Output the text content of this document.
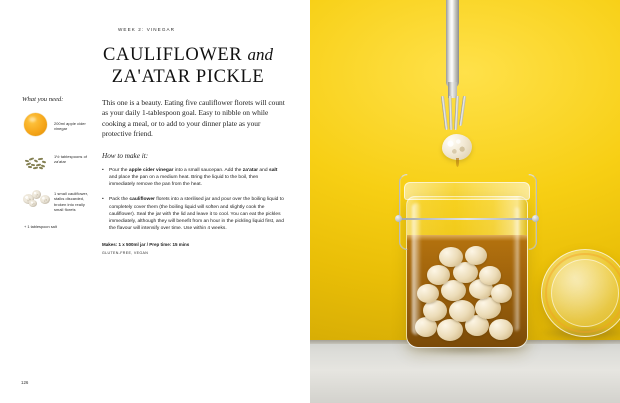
WEEK 2: VINEGAR
CAULIFLOWER and
ZA'ATAR PICKLE
What you need:
200ml apple cider vinegar
1½ tablespoons of za'atar
1 small cauliflower, stalks discarded, broken into really small florets
+ 1 tablespoon salt

This one is a beauty. Eating five cauliflower florets will count as your daily 1-tablespoon goal. Easy to nibble on while cooking a meal, or to add to your dinner plate as your protective friend.

How to make it:
• Pour the apple cider vinegar into a small saucepan. Add the za'atar and salt and place the pan on a medium heat. Bring the liquid to the boil, then immediately remove the pan from the heat.
• Pack the cauliflower florets into a sterilised jar and pour over the boiling liquid to completely cover them (the boiling liquid will soften and slightly cook the cauliflower). Seal the jar with the lid and leave it to cool. You can eat the pickles immediately, although they will benefit from an hour in the pickling liquid first, and the flavour will intensify over time. Use within 4 weeks.
Makes: 1 x 500ml jar / Prep time: 15 mins
GLUTEN-FREE, VEGAN
126
